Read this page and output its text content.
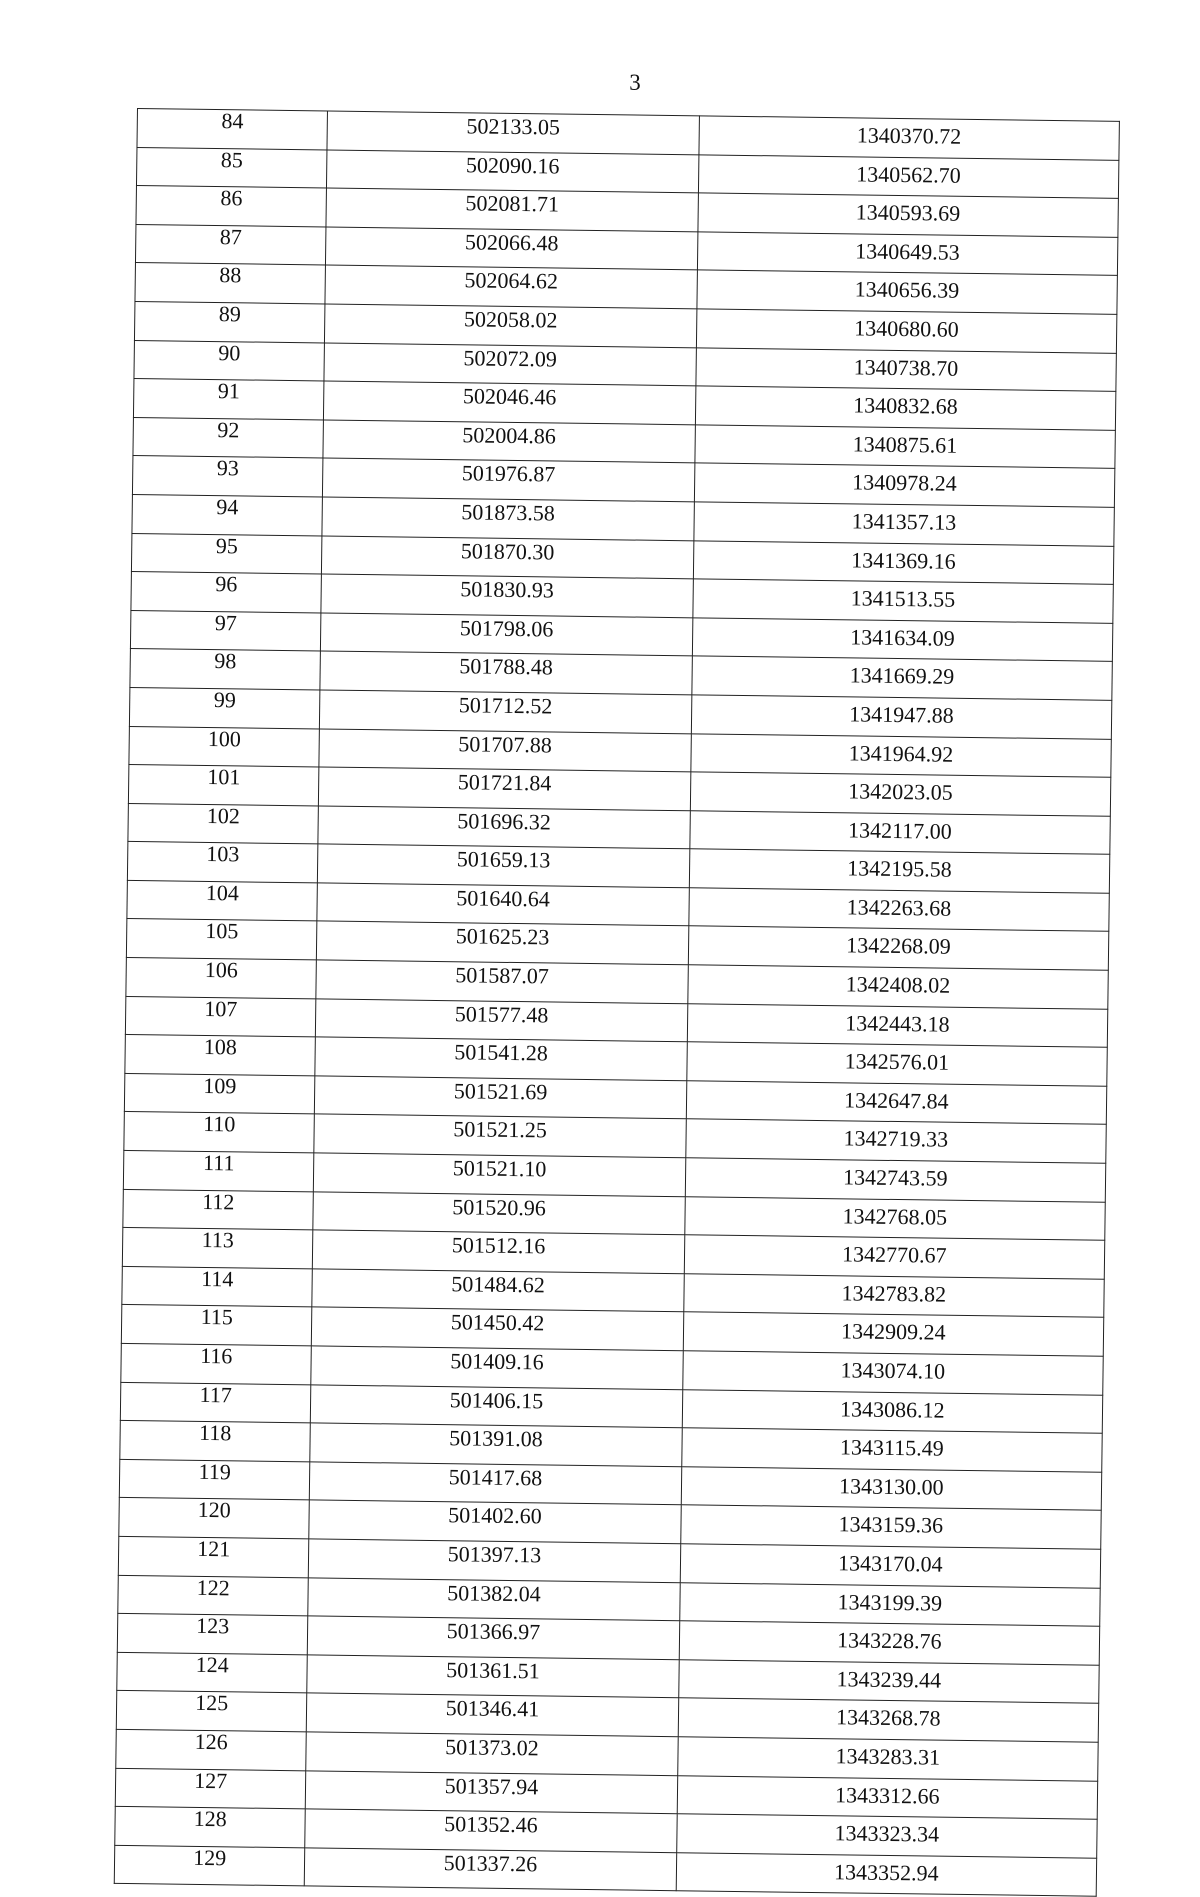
3
84	502133.05	1340370.72
85	502090.16	1340562.70
86	502081.71	1340593.69
87	502066.48	1340649.53
88	502064.62	1340656.39
89	502058.02	1340680.60
90	502072.09	1340738.70
91	502046.46	1340832.68
92	502004.86	1340875.61
93	501976.87	1340978.24
94	501873.58	1341357.13
95	501870.30	1341369.16
96	501830.93	1341513.55
97	501798.06	1341634.09
98	501788.48	1341669.29
99	501712.52	1341947.88
100	501707.88	1341964.92
101	501721.84	1342023.05
102	501696.32	1342117.00
103	501659.13	1342195.58
104	501640.64	1342263.68
105	501625.23	1342268.09
106	501587.07	1342408.02
107	501577.48	1342443.18
108	501541.28	1342576.01
109	501521.69	1342647.84
110	501521.25	1342719.33
111	501521.10	1342743.59
112	501520.96	1342768.05
113	501512.16	1342770.67
114	501484.62	1342783.82
115	501450.42	1342909.24
116	501409.16	1343074.10
117	501406.15	1343086.12
118	501391.08	1343115.49
119	501417.68	1343130.00
120	501402.60	1343159.36
121	501397.13	1343170.04
122	501382.04	1343199.39
123	501366.97	1343228.76
124	501361.51	1343239.44
125	501346.41	1343268.78
126	501373.02	1343283.31
127	501357.94	1343312.66
128	501352.46	1343323.34
129	501337.26	1343352.94
